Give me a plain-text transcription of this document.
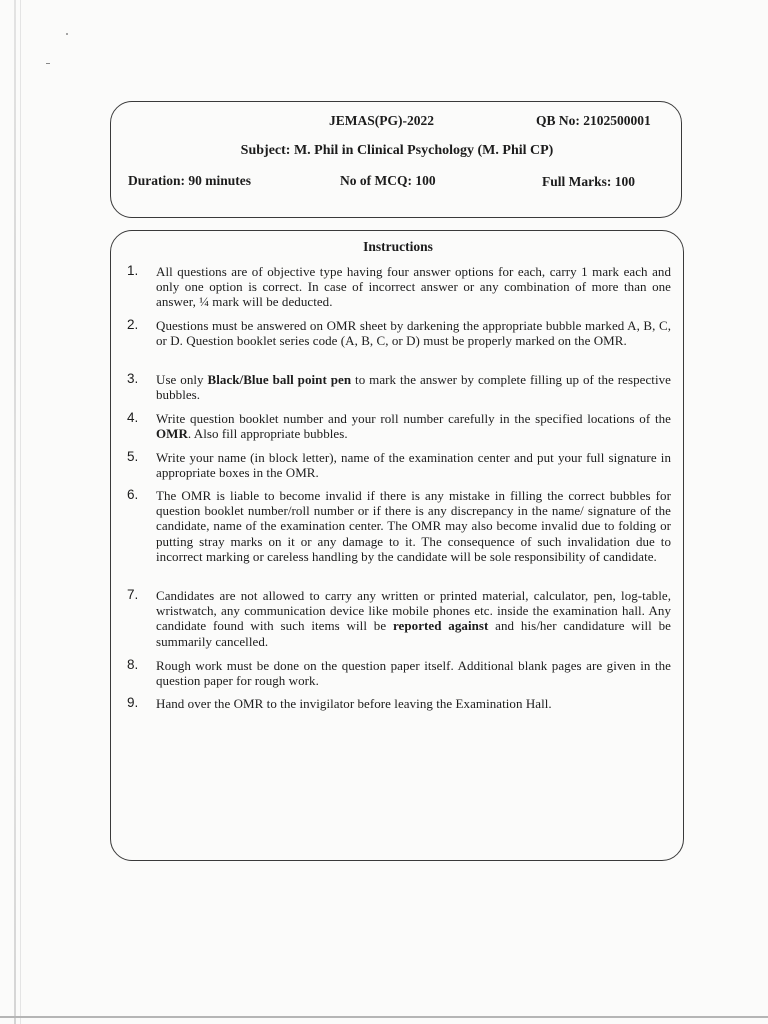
JEMAS(PG)-2022	QB No: 2102500001
Subject: M. Phil in Clinical Psychology (M. Phil CP)
Duration: 90 minutes	No of MCQ: 100	Full Marks: 100
Instructions
1. All questions are of objective type having four answer options for each, carry 1 mark each and only one option is correct. In case of incorrect answer or any combination of more than one answer, ¼ mark will be deducted.
2. Questions must be answered on OMR sheet by darkening the appropriate bubble marked A, B, C, or D. Question booklet series code (A, B, C, or D) must be properly marked on the OMR.
3. Use only Black/Blue ball point pen to mark the answer by complete filling up of the respective bubbles.
4. Write question booklet number and your roll number carefully in the specified locations of the OMR. Also fill appropriate bubbles.
5. Write your name (in block letter), name of the examination center and put your full signature in appropriate boxes in the OMR.
6. The OMR is liable to become invalid if there is any mistake in filling the correct bubbles for question booklet number/roll number or if there is any discrepancy in the name/ signature of the candidate, name of the examination center. The OMR may also become invalid due to folding or putting stray marks on it or any damage to it. The consequence of such invalidation due to incorrect marking or careless handling by the candidate will be sole responsibility of candidate.
7. Candidates are not allowed to carry any written or printed material, calculator, pen, log-table, wristwatch, any communication device like mobile phones etc. inside the examination hall. Any candidate found with such items will be reported against and his/her candidature will be summarily cancelled.
8. Rough work must be done on the question paper itself. Additional blank pages are given in the question paper for rough work.
9. Hand over the OMR to the invigilator before leaving the Examination Hall.
